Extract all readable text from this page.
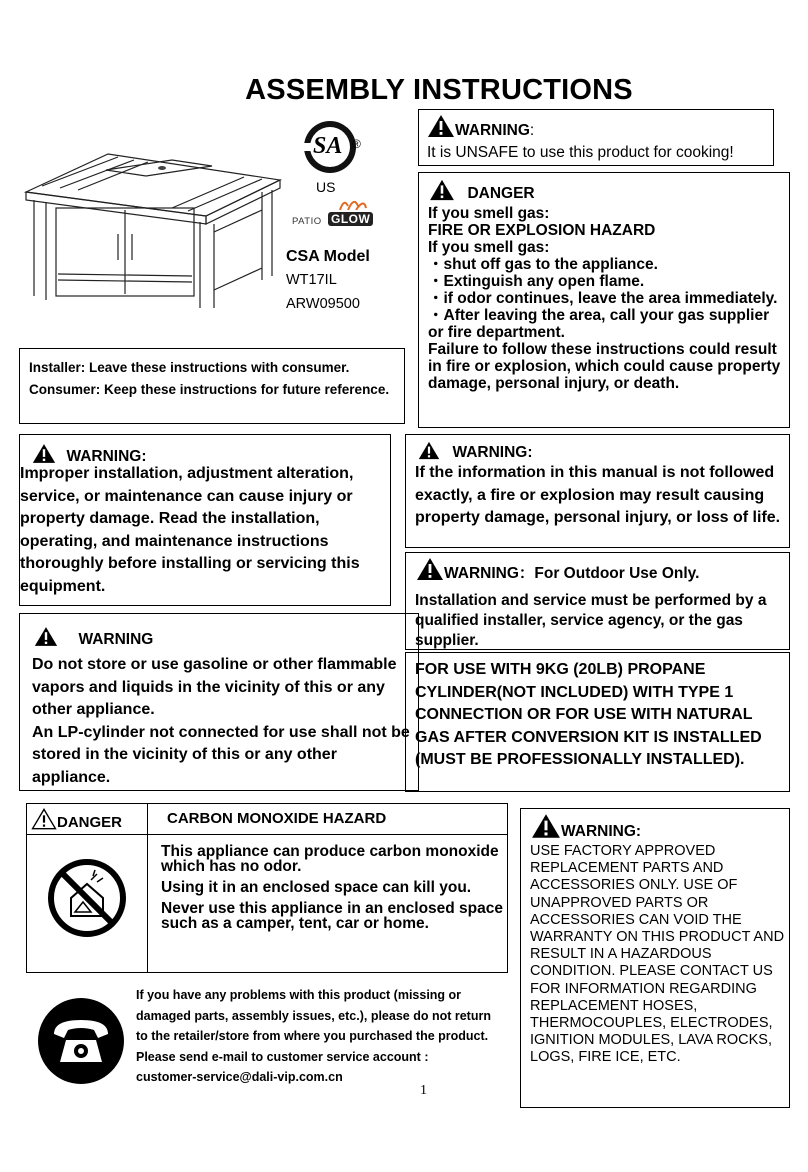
ASSEMBLY INSTRUCTIONS
SA ®
US
PATIO GLOW
CSA Model
WT17IL
ARW09500
WARNING:
It is UNSAFE to use this product for cooking!
DANGER
If you smell gas:
FIRE OR EXPLOSION HAZARD
If you smell gas:
・shut off gas to the appliance.
・Extinguish any open flame.
・if odor continues, leave the area immediately.
・After leaving the area, call your gas supplier or fire department.
Failure to follow these instructions could result in fire or explosion, which could cause property damage, personal injury, or death.
Installer: Leave these instructions with consumer.
Consumer: Keep these instructions for future reference.
WARNING:

Improper installation, adjustment alteration, service, or maintenance can cause injury or property damage. Read the installation, operating, and maintenance instructions thoroughly before installing or servicing this equipment.

WARNING:

If the information in this manual is not followed exactly, a fire or explosion may result causing property damage, personal injury, or loss of life.

WARNING：For Outdoor Use Only.

Installation and service must be performed by a qualified installer, service agency, or the gas supplier.

WARNING

Do not store or use gasoline or other flammable vapors and liquids in the vicinity of this or any other appliance.

An LP-cylinder not connected for use shall not be stored in the vicinity of this or any other appliance.

FOR USE WITH 9KG (20LB) PROPANE CYLINDER(NOT INCLUDED) WITH TYPE 1 CONNECTION OR FOR USE WITH NATURAL GAS AFTER CONVERSION KIT IS INSTALLED (MUST BE PROFESSIONALLY INSTALLED).

DANGER	CARBON MONOXIDE HAZARD

This appliance can produce carbon monoxide which has no odor.

Using it in an enclosed space can kill you.

Never use this appliance in an enclosed space such as a camper, tent, car or home.

WARNING:

USE FACTORY APPROVED REPLACEMENT PARTS AND ACCESSORIES ONLY. USE OF UNAPPROVED PARTS OR ACCESSORIES CAN VOID THE WARRANTY ON THIS PRODUCT AND RESULT IN A HAZARDOUS CONDITION. PLEASE CONTACT US FOR INFORMATION REGARDING REPLACEMENT HOSES, THERMOCOUPLES, ELECTRODES, IGNITION MODULES, LAVA ROCKS, LOGS, FIRE ICE, ETC.

If you have any problems with this product (missing or damaged parts, assembly issues, etc.), please do not return to the retailer/store from where you purchased the product. Please send e-mail to customer service account : customer-service@dali-vip.com.cn

1
